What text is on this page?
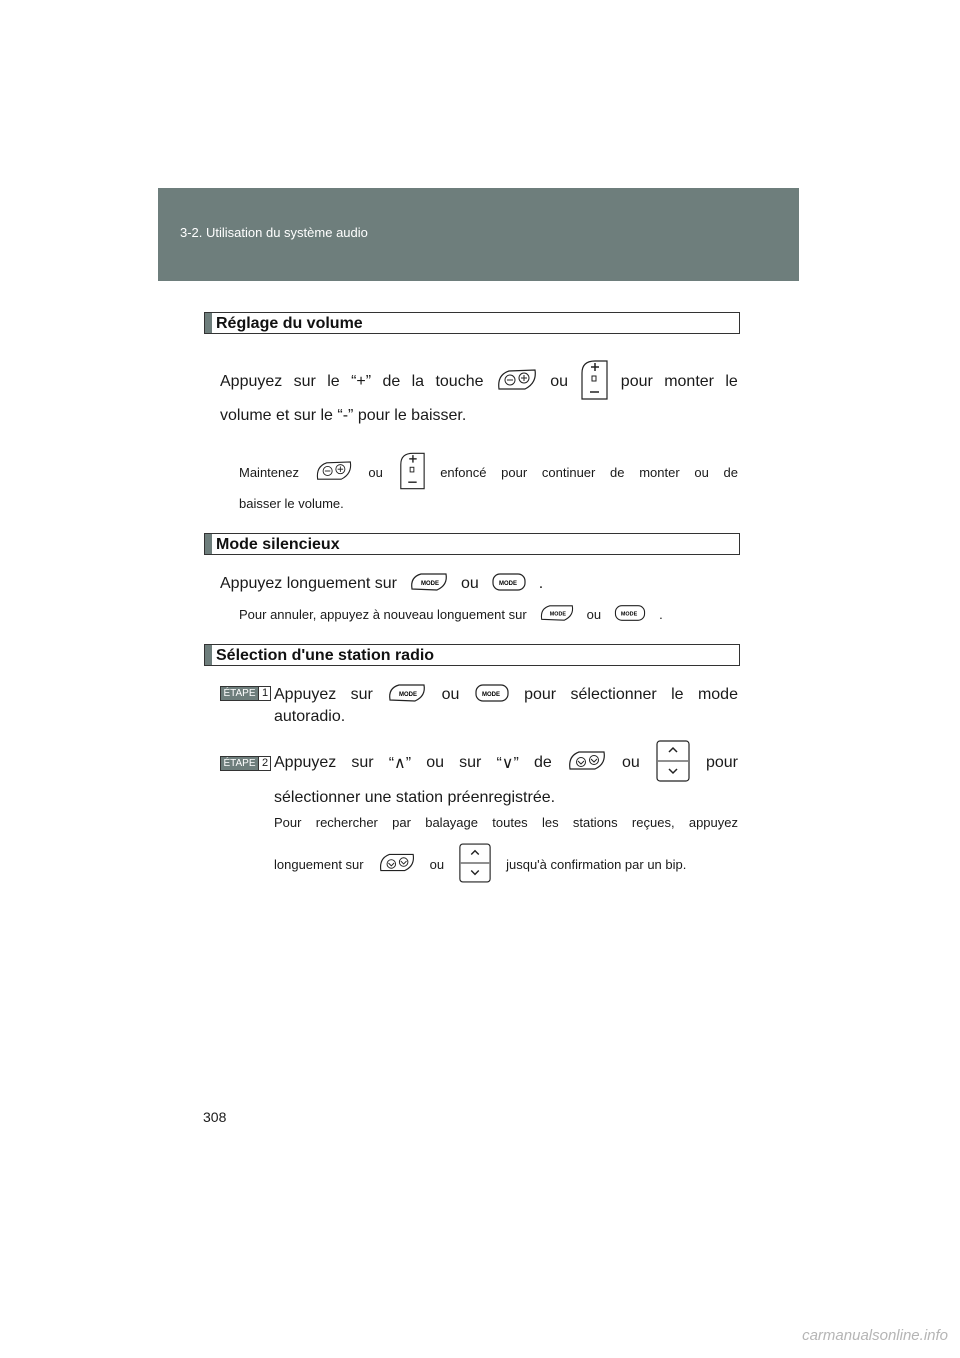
3-2. Utilisation du système audio
Réglage du volume
Appuyez sur le “+” de la touche	ou	pour monter le
volume et sur le “-” pour le baisser.
Maintenez	ou	enfoncé pour continuer de monter ou de
baisser le volume.
Mode silencieux
Appuyez longuement sur	MODE ou	MODE .
Pour annuler, appuyez à nouveau longuement sur	MODE ou	MODE .
Sélection d'une station radio
ÉTAPE 1 Appuyez sur	MODE ou	MODE pour sélectionner le mode
autoradio.
ÉTAPE 2 Appuyez sur “∧” ou sur “∨” de	ou	pour
sélectionner une station préenregistrée.
Pour rechercher par balayage toutes les stations reçues, appuyez
longuement sur	ou	jusqu'à confirmation par un bip.
308
carmanualsonline.info
